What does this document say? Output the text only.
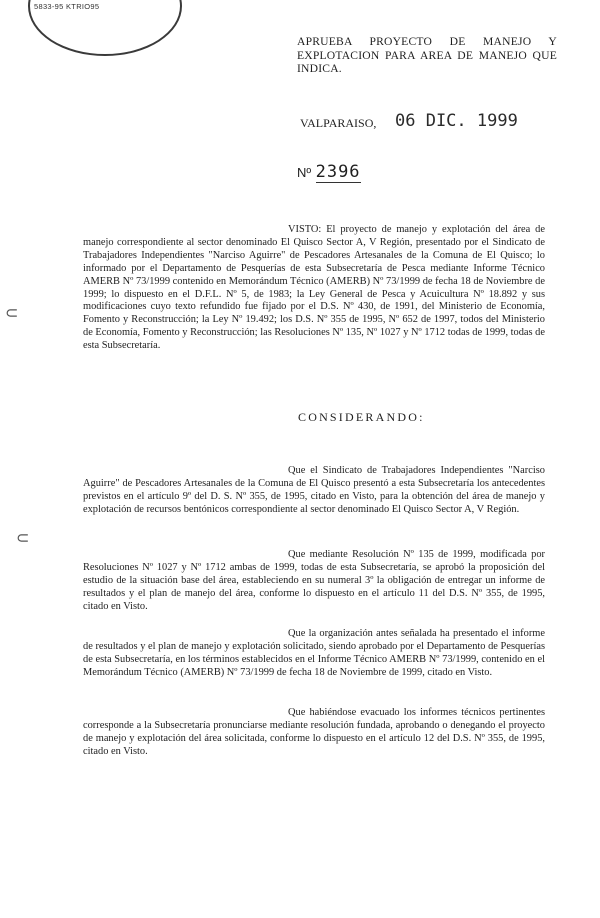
5833-95 KTRIO95
APRUEBA PROYECTO DE MANEJO Y EXPLOTACION PARA AREA DE MANEJO QUE INDICA.
VALPARAISO, 06 DIC. 1999
Nº 2396
VISTO: El proyecto de manejo y explotación del área de manejo correspondiente al sector denominado El Quisco Sector A, V Región, presentado por el Sindicato de Trabajadores Independientes "Narciso Aguirre" de Pescadores Artesanales de la Comuna de El Quisco; lo informado por el Departamento de Pesquerías de esta Subsecretaría de Pesca mediante Informe Técnico AMERB Nº 73/1999 contenido en Memorándum Técnico (AMERB) Nº 73/1999 de fecha 18 de Noviembre de 1999; lo dispuesto en el D.F.L. Nº 5, de 1983; la Ley General de Pesca y Acuicultura Nº 18.892 y sus modificaciones cuyo texto refundido fue fijado por el D.S. Nº 430, de 1991, del Ministerio de Economía, Fomento y Reconstrucción; la Ley Nº 19.492; los D.S. Nº 355 de 1995, Nº 652 de 1997, todos del Ministerio de Economía, Fomento y Reconstrucción; las Resoluciones Nº 135, Nº 1027 y Nº 1712 todas de 1999, todas de esta Subsecretaría.
CONSIDERANDO:
Que el Sindicato de Trabajadores Independientes "Narciso Aguirre" de Pescadores Artesanales de la Comuna de El Quisco presentó a esta Subsecretaría los antecedentes previstos en el artículo 9º del D. S. Nº 355, de 1995, citado en Visto, para la obtención del área de manejo y explotación de recursos bentónicos correspondiente al sector denominado El Quisco Sector A, V Región.
Que mediante Resolución Nº 135 de 1999, modificada por Resoluciones Nº 1027 y Nº 1712 ambas de 1999, todas de esta Subsecretaría, se aprobó la proposición del estudio de la situación base del área, estableciendo en su numeral 3º la obligación de entregar un informe de resultados y el plan de manejo del área, conforme lo dispuesto en el artículo 11 del D.S. Nº 355, de 1995, citado en Visto.
Que la organización antes señalada ha presentado el informe de resultados y el plan de manejo y explotación solicitado, siendo aprobado por el Departamento de Pesquerías de esta Subsecretaría, en los términos establecidos en el Informe Técnico AMERB Nº 73/1999, contenido en el Memorándum Técnico (AMERB) Nº 73/1999 de fecha 18 de Noviembre de 1999, citado en Visto.
Que habiéndose evacuado los informes técnicos pertinentes corresponde a la Subsecretaría pronunciarse mediante resolución fundada, aprobando o denegando el proyecto de manejo y explotación del área solicitada, conforme lo dispuesto en el artículo 12 del D.S. Nº 355, de 1995, citado en Visto.
⊂
⊂
